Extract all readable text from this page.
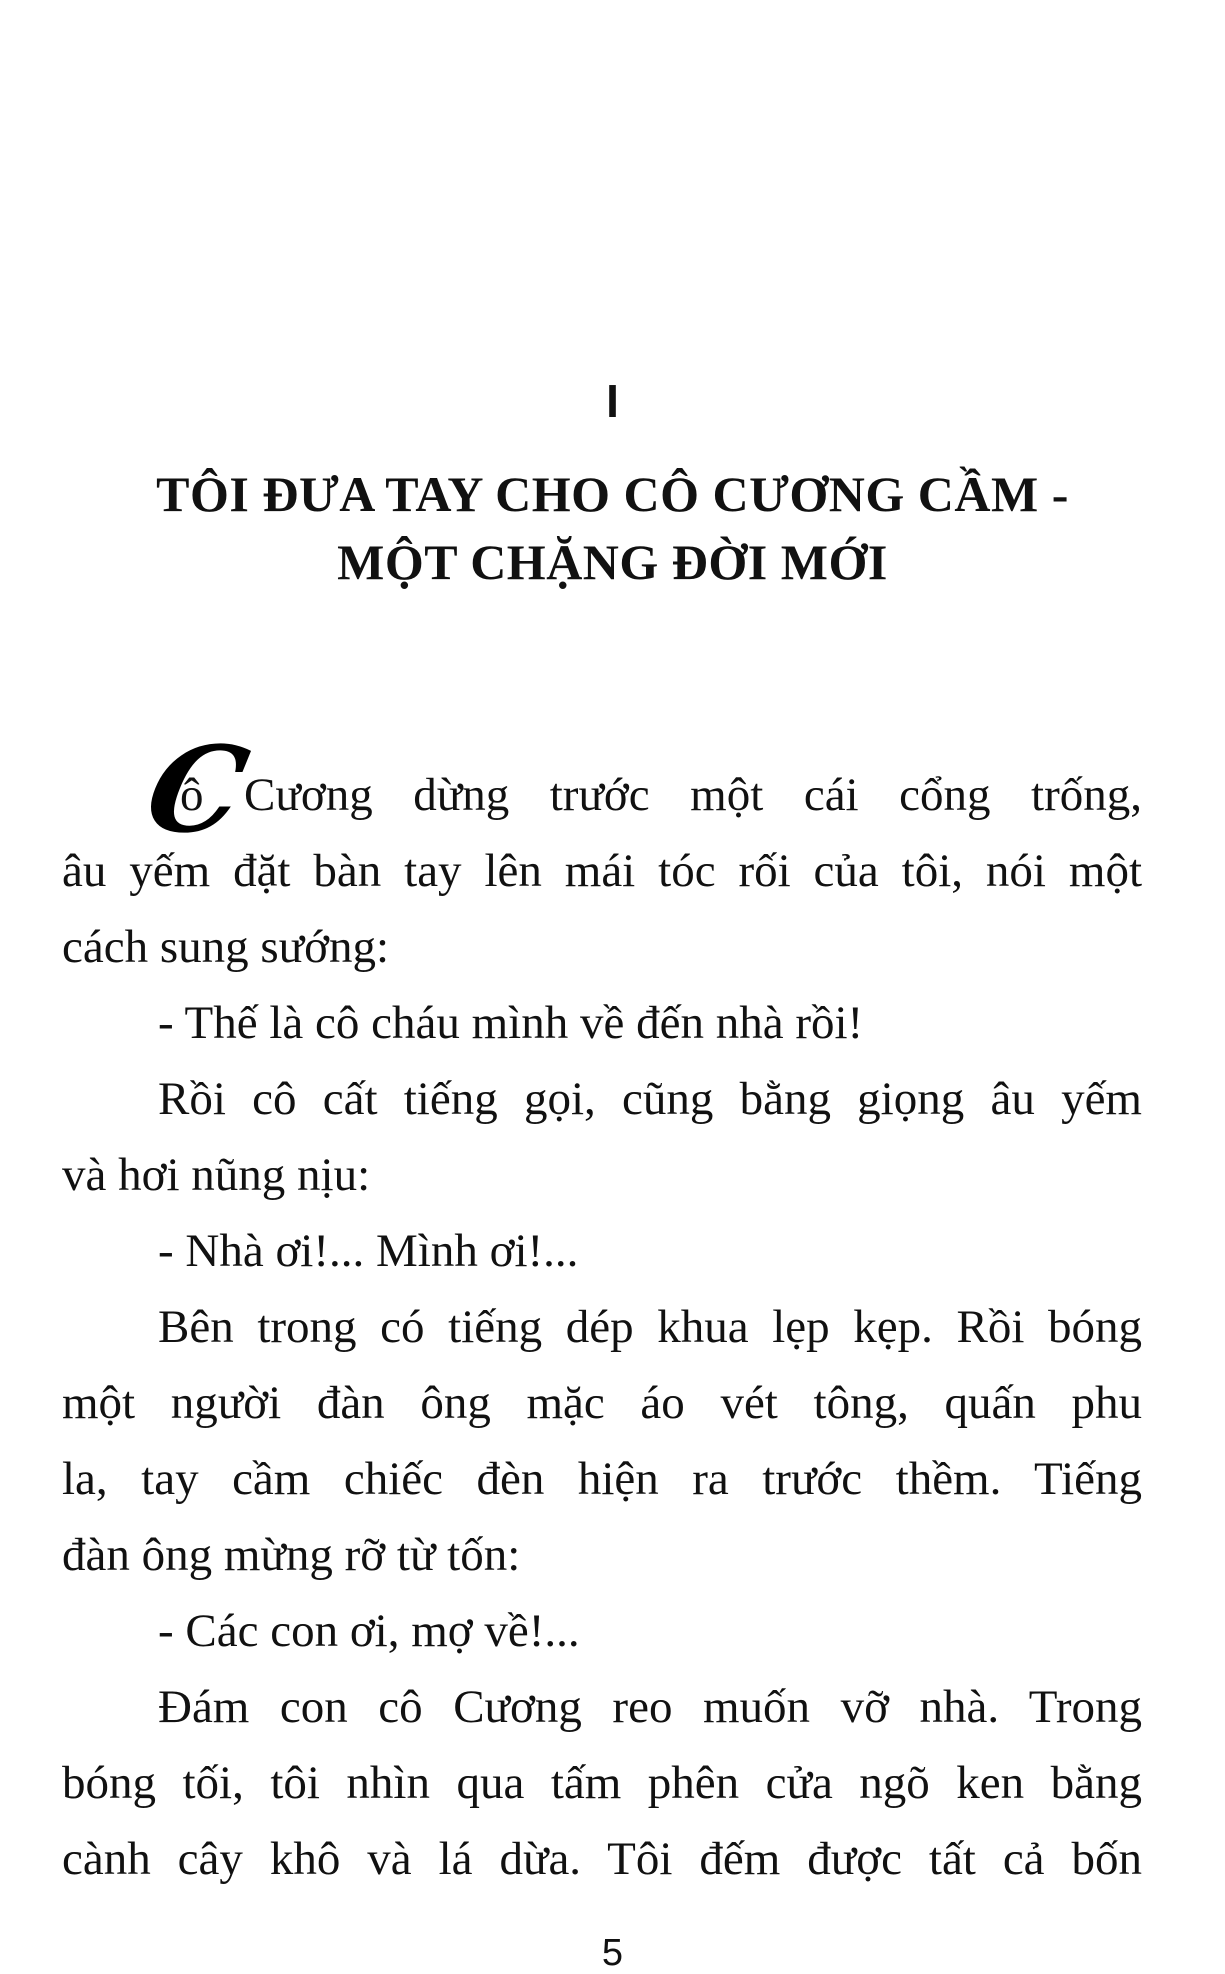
I
TÔI ĐƯA TAY CHO CÔ CƯƠNG CẦM -
MỘT CHẶNG ĐỜI MỚI
C
ô Cương dừng trước một cái cổng trống,
âu yếm đặt bàn tay lên mái tóc rối của tôi, nói một
cách sung sướng:
- Thế là cô cháu mình về đến nhà rồi!
Rồi cô cất tiếng gọi, cũng bằng giọng âu yếm
và hơi nũng nịu:
- Nhà ơi!... Mình ơi!...
Bên trong có tiếng dép khua lẹp kẹp. Rồi bóng
một người đàn ông mặc áo vét tông, quấn phu
la, tay cầm chiếc đèn hiện ra trước thềm. Tiếng
đàn ông mừng rỡ từ tốn:
- Các con ơi, mợ về!...
Đám con cô Cương reo muốn vỡ nhà. Trong
bóng tối, tôi nhìn qua tấm phên cửa ngõ ken bằng
cành cây khô và lá dừa. Tôi đếm được tất cả bốn
5
